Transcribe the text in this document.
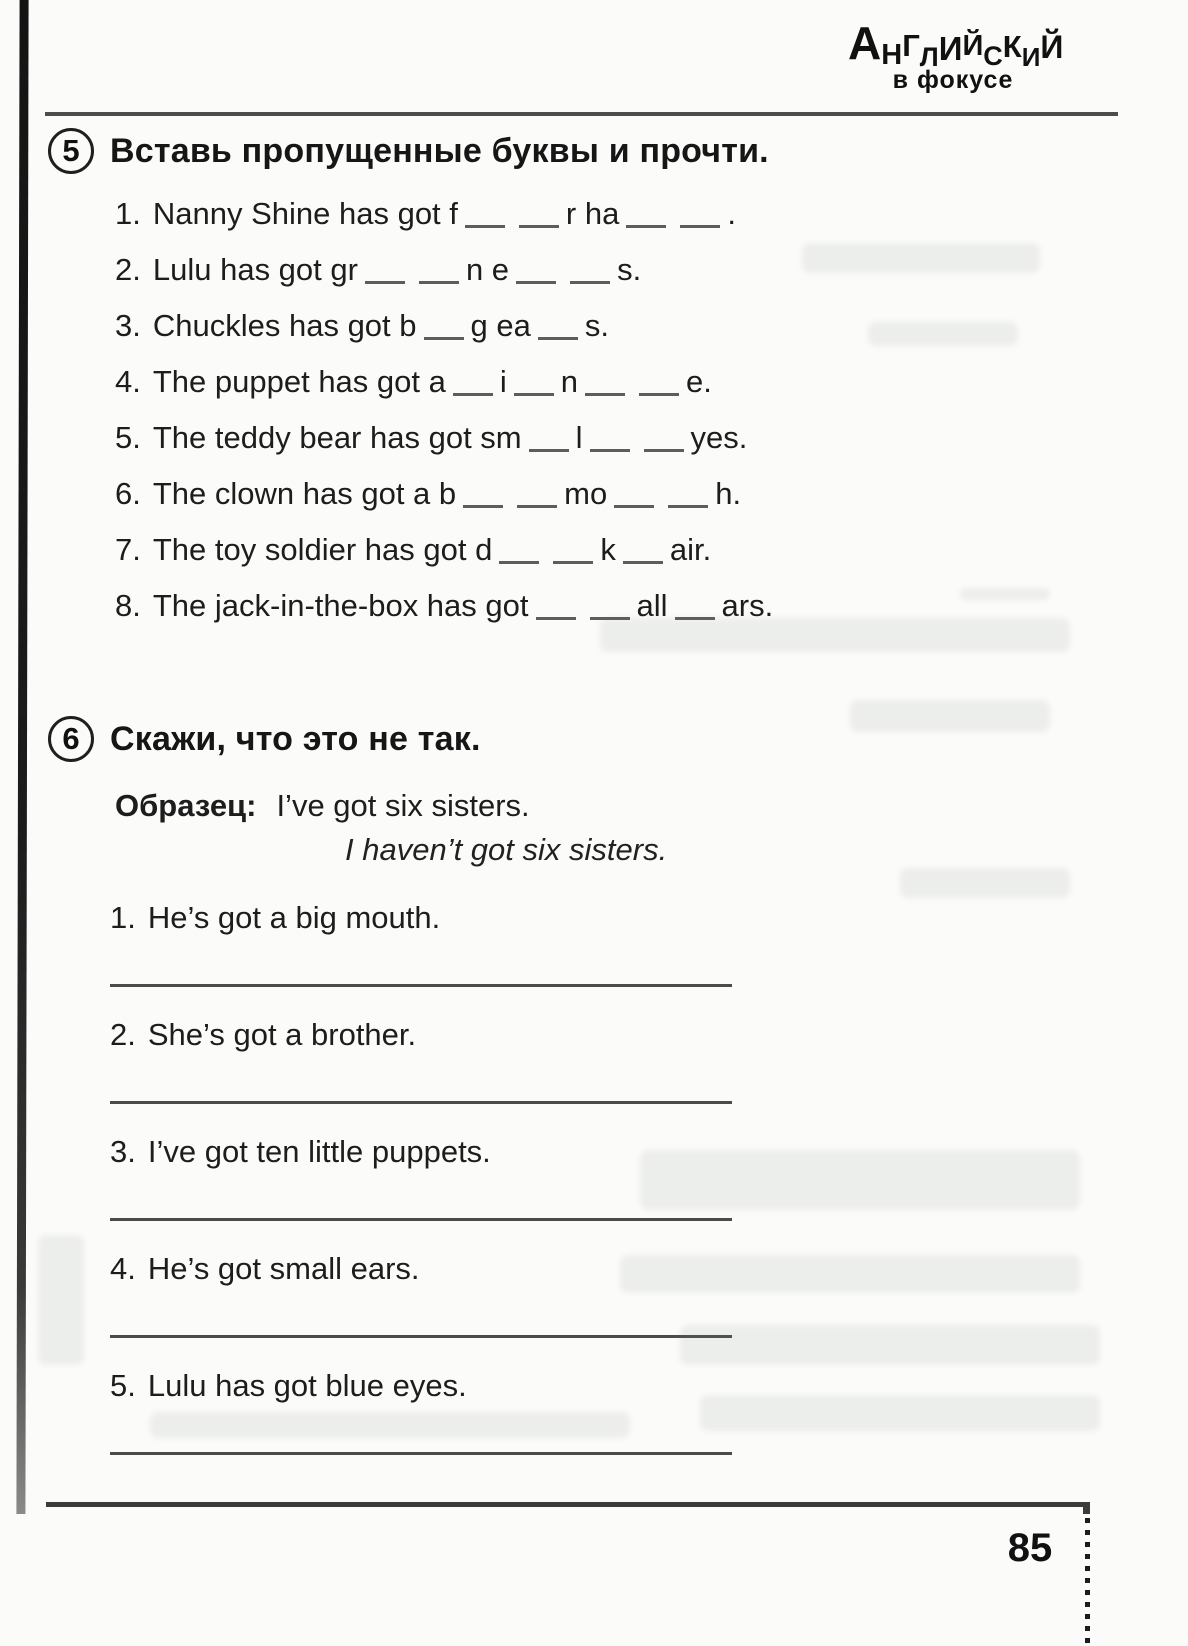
АНГЛИЙСКИЙ
в фокусе
5 Вставь пропущенные буквы и прочти.
1. Nanny Shine has got f	r ha	.
2. Lulu has got gr	n e	s.
3. Chuckles has got b g ea s.
4. The puppet has got a i n	e.
5. The teddy bear has got sm l	yes.
6. The clown has got a b	mo	h.
7. The toy soldier has got d	k air.
8. The jack-in-the-box has got	all ars.
6 Скажи, что это не так.
Образец: I’ve got six sisters.
I haven’t got six sisters.
1. He’s got a big mouth.
2. She’s got a brother.
3. I’ve got ten little puppets.
4. He’s got small ears.
5. Lulu has got blue eyes.
85
